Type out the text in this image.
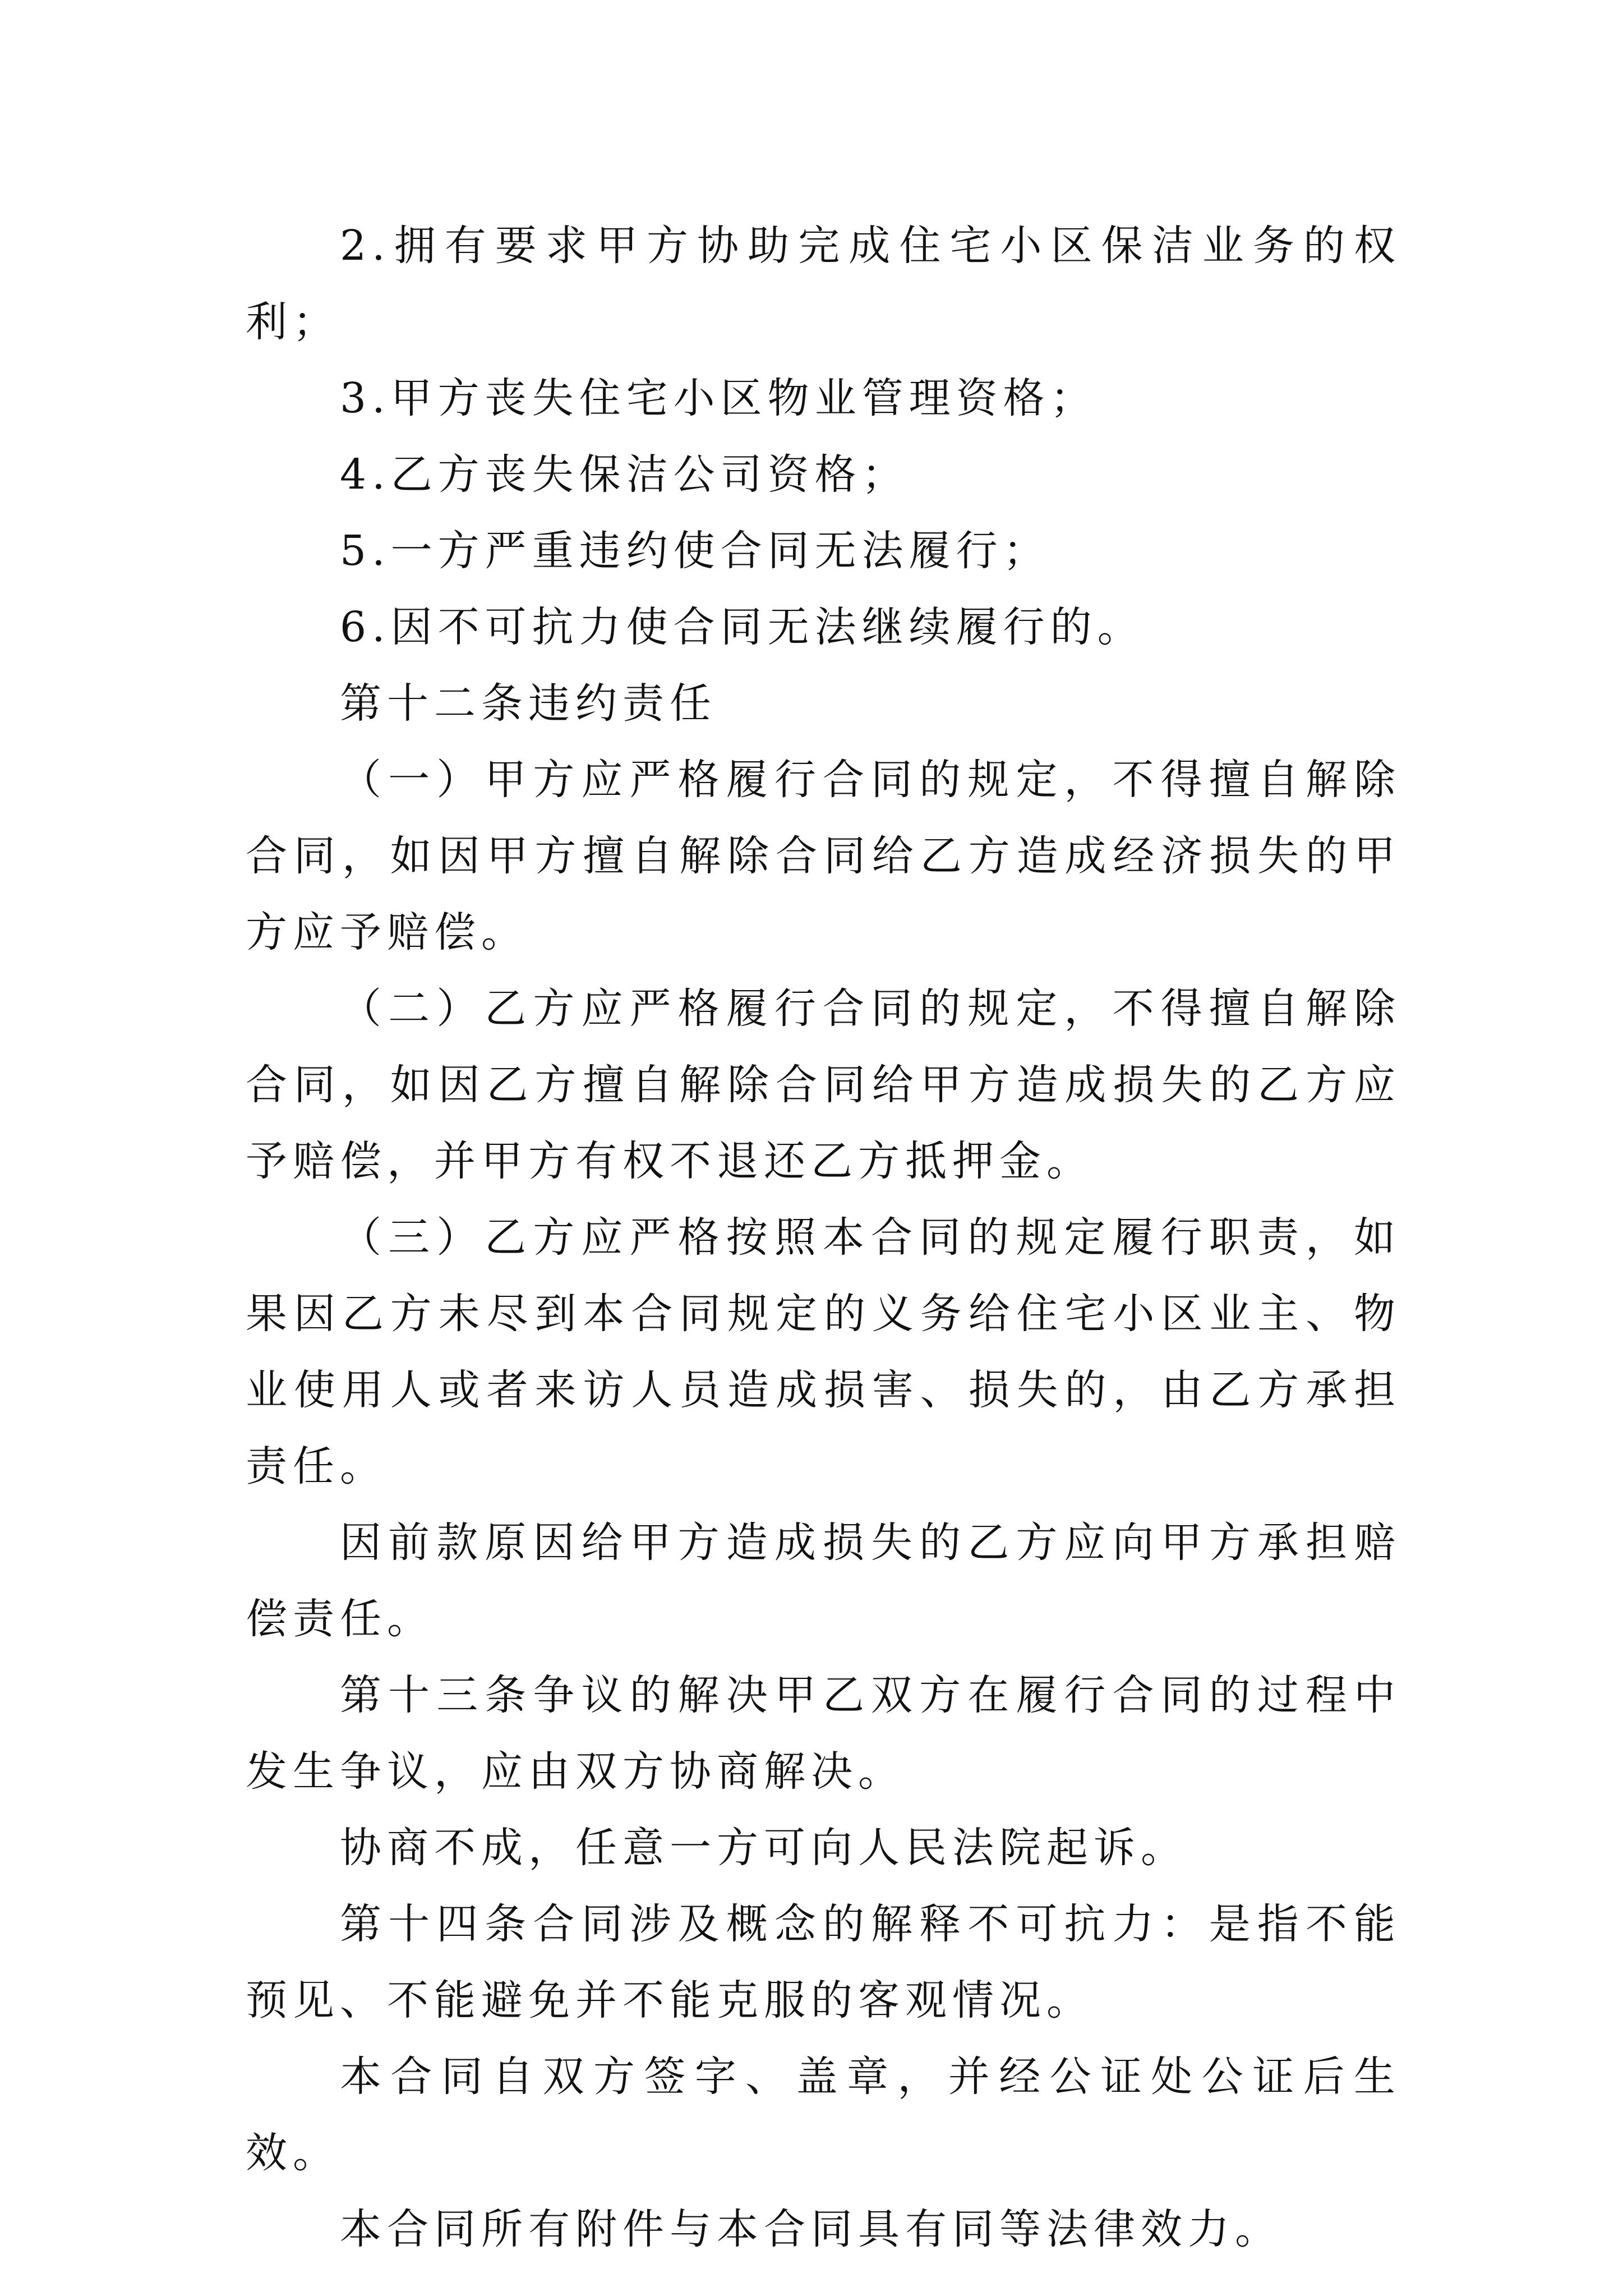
2.拥有要求甲方协助完成住宅小区保洁业务的权利；

3.甲方丧失住宅小区物业管理资格；

4.乙方丧失保洁公司资格；

5.一方严重违约使合同无法履行；

6.因不可抗力使合同无法继续履行的。

第十二条违约责任

（一）甲方应严格履行合同的规定，不得擅自解除合同，如因甲方擅自解除合同给乙方造成经济损失的甲方应予赔偿。

（二）乙方应严格履行合同的规定，不得擅自解除合同，如因乙方擅自解除合同给甲方造成损失的乙方应予赔偿，并甲方有权不退还乙方抵押金。

（三）乙方应严格按照本合同的规定履行职责，如果因乙方未尽到本合同规定的义务给住宅小区业主、物业使用人或者来访人员造成损害、损失的，由乙方承担责任。

因前款原因给甲方造成损失的乙方应向甲方承担赔偿责任。

第十三条争议的解决甲乙双方在履行合同的过程中发生争议，应由双方协商解决。

协商不成，任意一方可向人民法院起诉。

第十四条合同涉及概念的解释不可抗力：是指不能预见、不能避免并不能克服的客观情况。

本合同自双方签字、盖章，并经公证处公证后生效。

本合同所有附件与本合同具有同等法律效力。
